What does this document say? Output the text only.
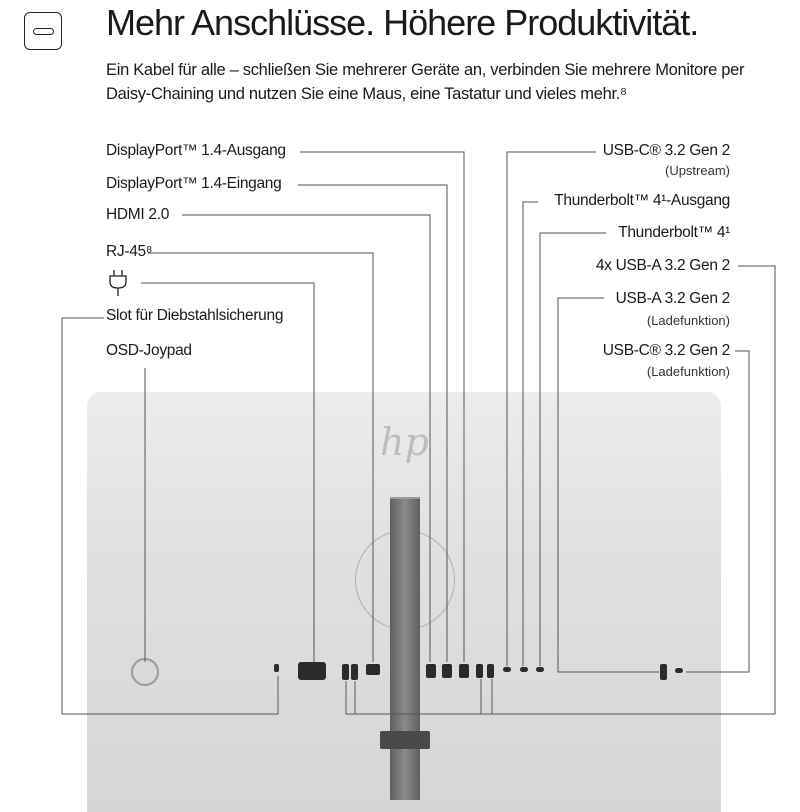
Mehr Anschlüsse. Höhere Produktivität.
Ein Kabel für alle – schließen Sie mehrerer Geräte an, verbinden Sie mehrere Monitore per Daisy-Chaining und nutzen Sie eine Maus, eine Tastatur und vieles mehr.⁸
hp
DisplayPort™ 1.4-Ausgang
DisplayPort™ 1.4-Eingang
HDMI 2.0
RJ-45⁸
Slot für Diebstahlsicherung
OSD-Joypad
USB-C® 3.2 Gen 2
(Upstream)
Thunderbolt™ 4¹-Ausgang
Thunderbolt™ 4¹
4x USB-A 3.2 Gen 2
USB-A 3.2 Gen 2
(Ladefunktion)
USB-C® 3.2 Gen 2
(Ladefunktion)
